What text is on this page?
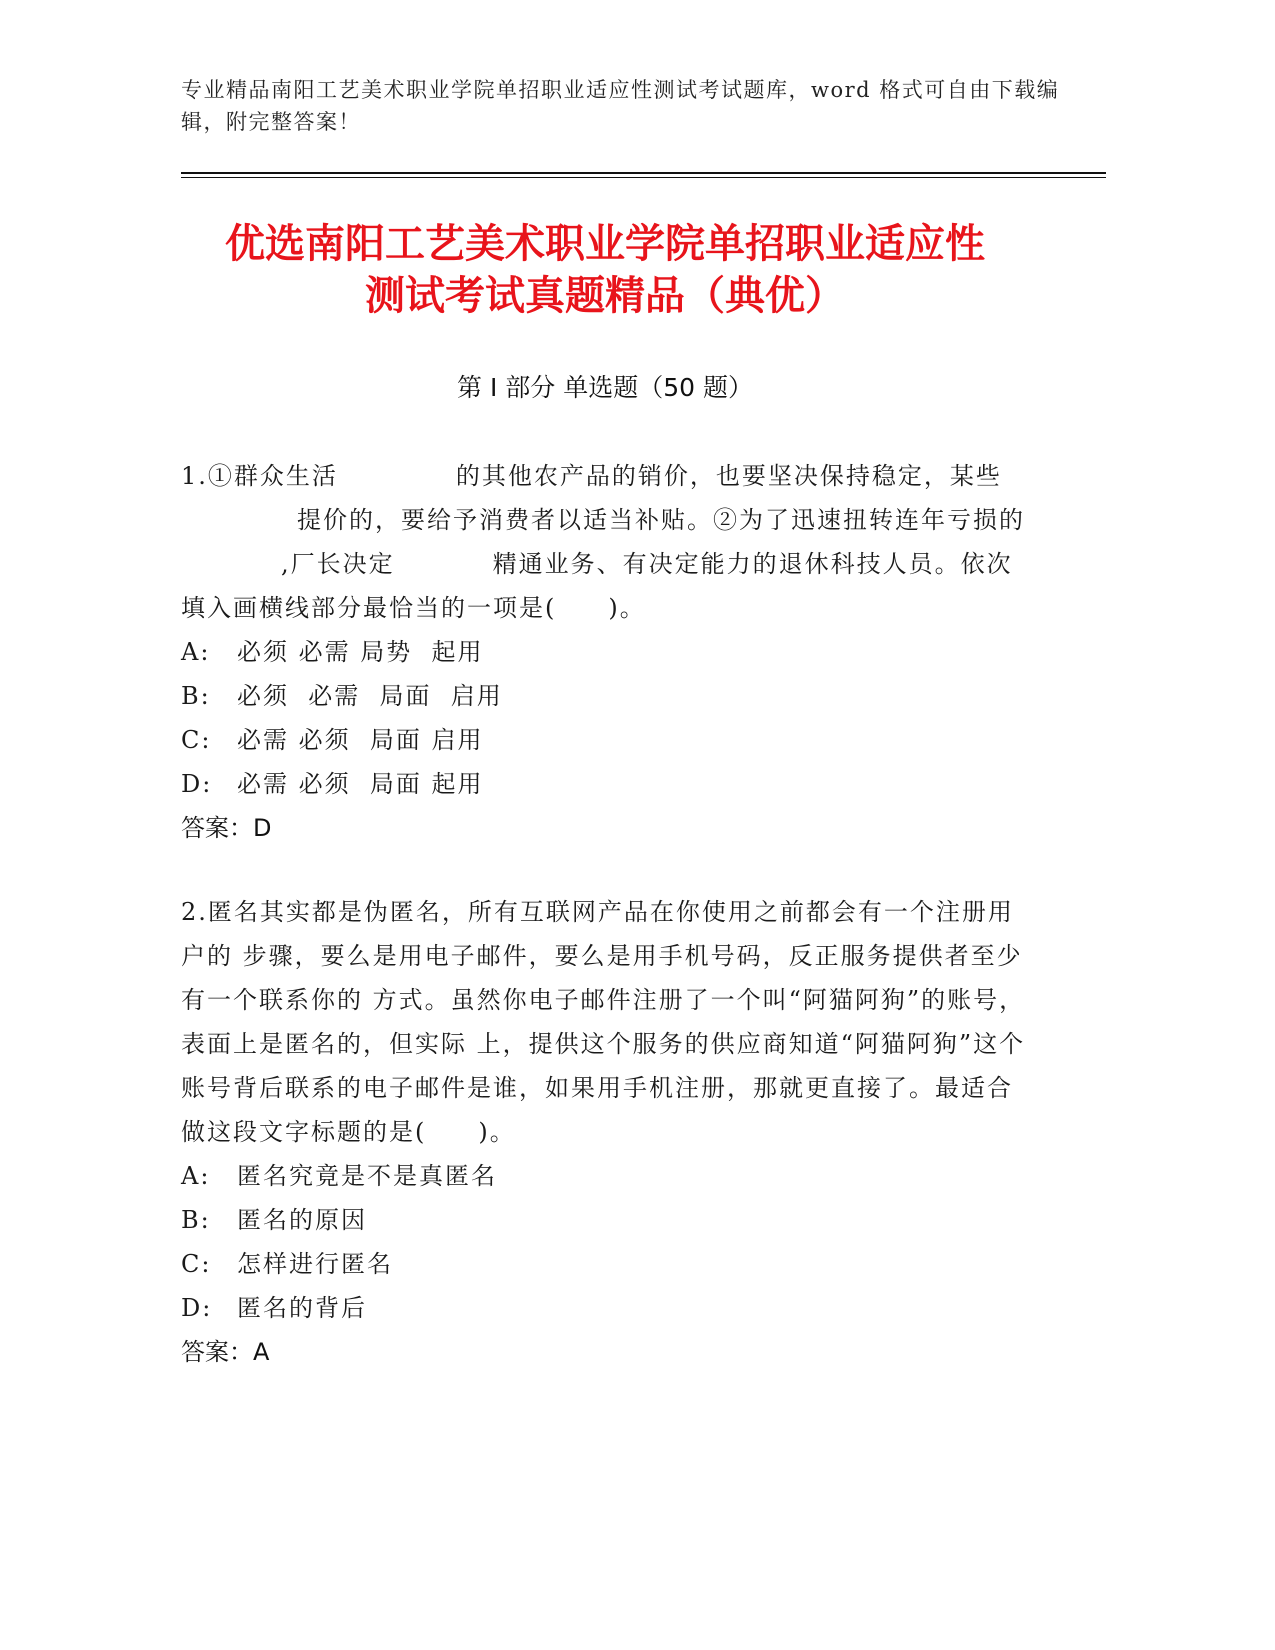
专业精品南阳工艺美术职业学院单招职业适应性测试考试题库，word 格式可自由下载编辑，附完整答案！
优选南阳工艺美术职业学院单招职业适应性
测试考试真题精品（典优）
第 I 部分 单选题（50 题）

1.①群众生活	的其他农产品的销价，也要坚决保持稳定，某些提价的，要给予消费者以适当补贴。②为了迅速扭转连年亏损的,厂长决定	精通业务、有决定能力的退休科技人员。依次填入画横线部分最恰当的一项是(　　)。

A: 必须 必需 局势  起用

B: 必须  必需  局面  启用

C: 必需 必须  局面 启用

D: 必需 必须  局面 起用

答案：D

2.匿名其实都是伪匿名，所有互联网产品在你使用之前都会有一个注册用户的 步骤，要么是用电子邮件，要么是用手机号码，反正服务提供者至少有一个联系你的 方式。虽然你电子邮件注册了一个叫“阿猫阿狗”的账号，表面上是匿名的，但实际 上，提供这个服务的供应商知道“阿猫阿狗”这个账号背后联系的电子邮件是谁，如果用手机注册，那就更直接了。最适合做这段文字标题的是(　　)。

A: 匿名究竟是不是真匿名

B: 匿名的原因

C: 怎样进行匿名

D: 匿名的背后

答案：A
